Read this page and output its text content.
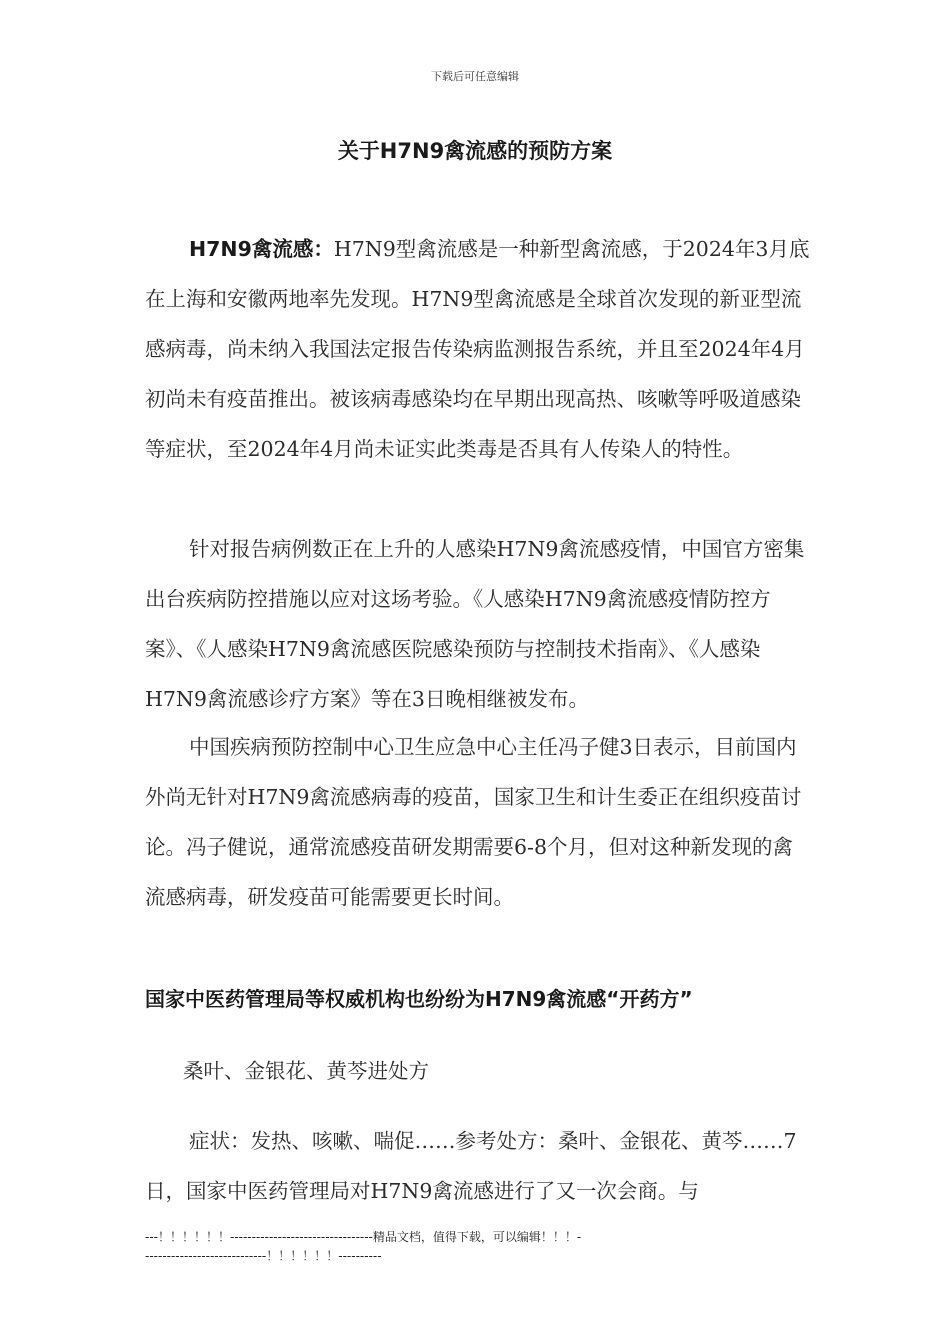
下载后可任意编辑
关于H7N9禽流感的预防方案

H7N9禽流感：H7N9型禽流感是一种新型禽流感，于2024年3月底在上海和安徽两地率先发现。H7N9型禽流感是全球首次发现的新亚型流感病毒，尚未纳入我国法定报告传染病监测报告系统，并且至2024年4月初尚未有疫苗推出。被该病毒感染均在早期出现高热、咳嗽等呼吸道感染等症状，至2024年4月尚未证实此类毒是否具有人传染人的特性。

针对报告病例数正在上升的人感染H7N9禽流感疫情，中国官方密集出台疾病防控措施以应对这场考验。《人感染H7N9禽流感疫情防控方案》、《人感染H7N9禽流感医院感染预防与控制技术指南》、《人感染H7N9禽流感诊疗方案》等在3日晚相继被发布。

中国疾病预防控制中心卫生应急中心主任冯子健3日表示，目前国内外尚无针对H7N9禽流感病毒的疫苗，国家卫生和计生委正在组织疫苗讨论。冯子健说，通常流感疫苗研发期需要6-8个月，但对这种新发现的禽流感病毒，研发疫苗可能需要更长时间。

国家中医药管理局等权威机构也纷纷为H7N9禽流感“开药方”
桑叶、金银花、黄芩进处方

症状：发热、咳嗽、喘促……参考处方：桑叶、金银花、黄芩……7日，国家中医药管理局对H7N9禽流感进行了又一次会商。与

---！！！！！！---------------------------------精品文档，值得下载，可以编辑！！！-----------------------------！！！！！！----------
